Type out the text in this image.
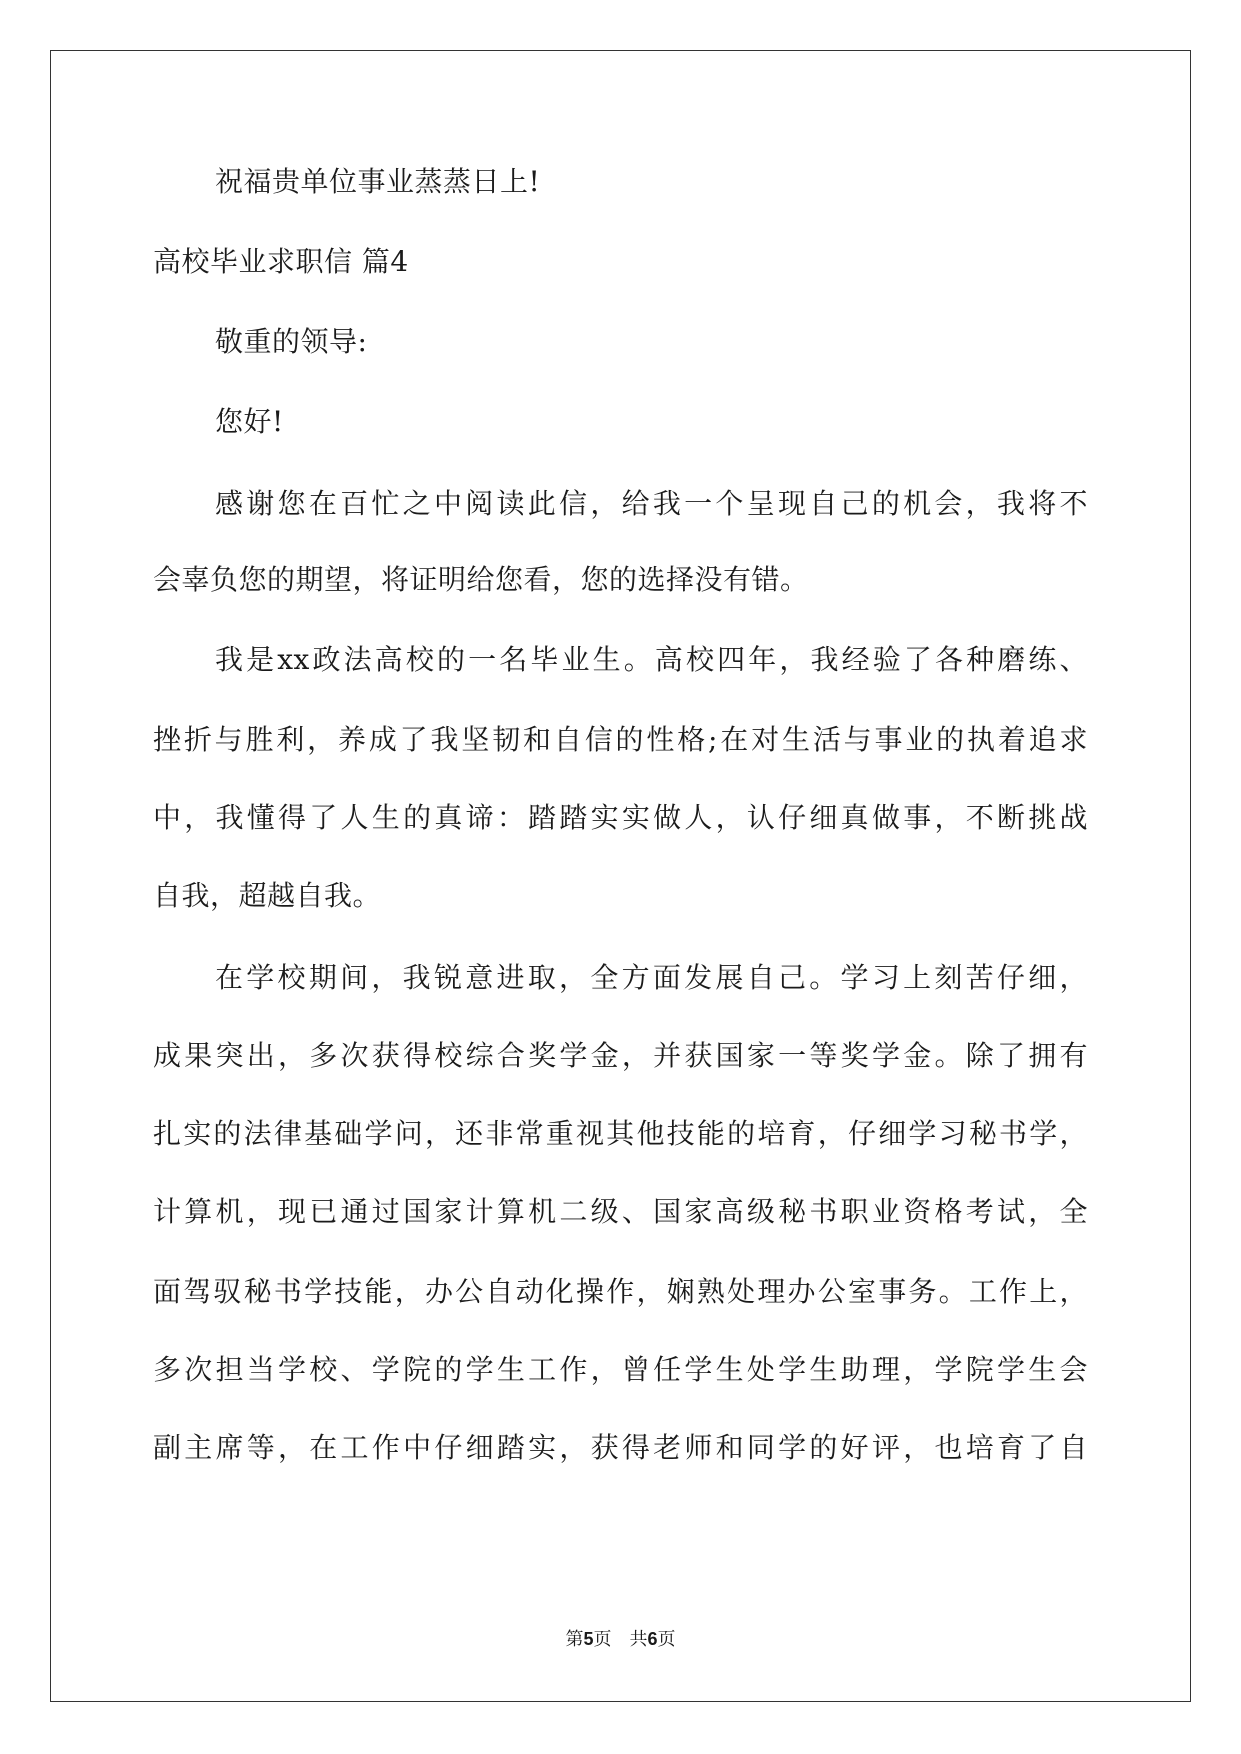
祝福贵单位事业蒸蒸日上!
高校毕业求职信 篇4
敬重的领导:
您好!
感谢您在百忙之中阅读此信，给我一个呈现自己的机会，我将不
会辜负您的期望，将证明给您看，您的选择没有错。
我是xx政法高校的一名毕业生。高校四年，我经验了各种磨练、
挫折与胜利，养成了我坚韧和自信的性格;在对生活与事业的执着追求
中，我懂得了人生的真谛：踏踏实实做人，认仔细真做事，不断挑战
自我，超越自我。
在学校期间，我锐意进取，全方面发展自己。学习上刻苦仔细，
成果突出，多次获得校综合奖学金，并获国家一等奖学金。除了拥有
扎实的法律基础学问，还非常重视其他技能的培育，仔细学习秘书学，
计算机，现已通过国家计算机二级、国家高级秘书职业资格考试，全
面驾驭秘书学技能，办公自动化操作，娴熟处理办公室事务。工作上，
多次担当学校、学院的学生工作，曾任学生处学生助理，学院学生会
副主席等，在工作中仔细踏实，获得老师和同学的好评，也培育了自
第5页 共6页
